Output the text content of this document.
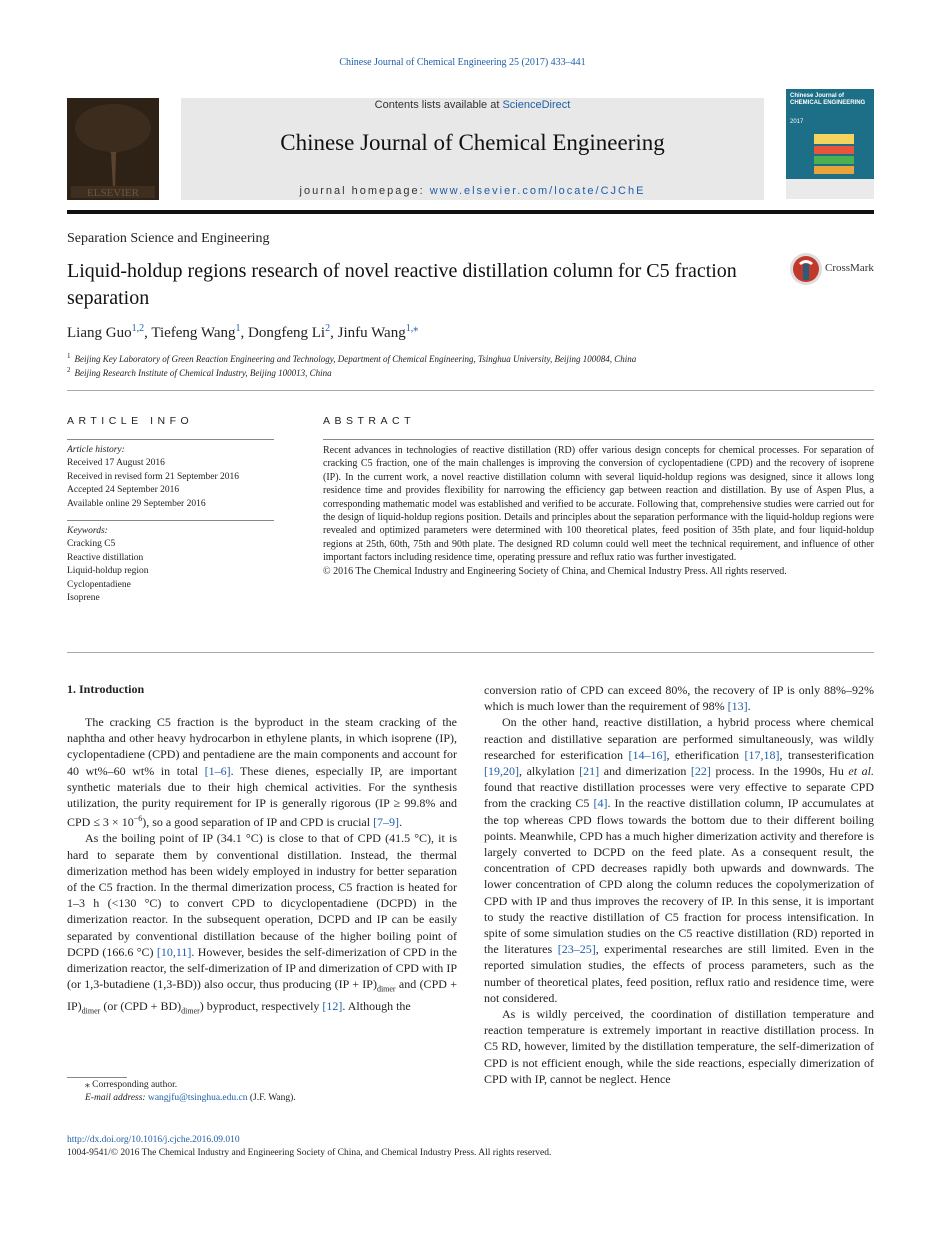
Chinese Journal of Chemical Engineering 25 (2017) 433–441
ELSEVIER
Contents lists available at ScienceDirect
Chinese Journal of Chemical Engineering
journal homepage: www.elsevier.com/locate/CJChE
Chinese Journal of CHEMICAL ENGINEERING
2017
Separation Science and Engineering
Liquid-holdup regions research of novel reactive distillation column for C5 fraction separation
CrossMark
Liang Guo$^{1,2}$, Tiefeng Wang$^1$, Dongfeng Li$^2$, Jinfu Wang$^{1,⁎}$
$^1$ Beijing Key Laboratory of Green Reaction Engineering and Technology, Department of Chemical Engineering, Tsinghua University, Beijing 100084, China
$^2$ Beijing Research Institute of Chemical Industry, Beijing 100013, China
ARTICLE INFO	ABSTRACT
Article history:
Received 17 August 2016
Received in revised form 21 September 2016
Accepted 24 September 2016
Available online 29 September 2016
Keywords:
Cracking C5
Reactive distillation
Liquid-holdup region
Cyclopentadiene
Isoprene

Recent advances in technologies of reactive distillation (RD) offer various design concepts for chemical processes. For separation of cracking C5 fraction, one of the main challenges is improving the conversion of cyclopentadiene (CPD) and the recovery of isoprene (IP). In the current work, a novel reactive distillation column with several liquid-holdup regions was designed, since it allows long residence time and provides flexibility for narrowing the efficiency gap between reaction and distillation. By use of Aspen Plus, a corresponding mathematic model was established and verified to be accurate. Following that, comprehensive studies were carried out for the design of liquid-holdup regions position. Details and principles about the separation performance with the liquid-holdup regions were revealed and optimized parameters were determined with 100 theoretical plates, feed position of 35th plate, and four liquid-holdup regions at 25th, 60th, 75th and 90th plate. The designed RD column could well meet the technical requirement, and influence of other important factors including residence time, operating pressure and reflux ratio was further investigated.

© 2016 The Chemical Industry and Engineering Society of China, and Chemical Industry Press. All rights reserved.

1. Introduction

The cracking C5 fraction is the byproduct in the steam cracking of the naphtha and other heavy hydrocarbon in ethylene plants, in which isoprene (IP), cyclopentadiene (CPD) and pentadiene are the main components and account for 40 wt%–60 wt% in total [1–6]. These dienes, especially IP, are important synthetic materials due to their high chemical activities. For the synthesis utilization, the purity requirement for IP is generally rigorous (IP ≥ 99.8% and CPD ≤ $3 \times 10^{-6}$), so a good separation of IP and CPD is crucial [7–9].

As the boiling point of IP (34.1 °C) is close to that of CPD (41.5 °C), it is hard to separate them by conventional distillation. Instead, the thermal dimerization method has been widely employed in industry for better separation of the C5 fraction. In the thermal dimerization process, C5 fraction is heated for 1–3 h (<130 °C) to convert CPD to dicyclopentadiene (DCPD) in the dimerization reactor. In the subsequent operation, DCPD and IP can be easily separated by conventional distillation because of the higher boiling point of DCPD (166.6 °C) [10,11]. However, besides the self-dimerization of CPD in the dimerization reactor, the self-dimerization of IP and dimerization of CPD with IP (or 1,3-butadiene (1,3-BD)) also occur, thus producing $(IP + IP)_{dimer}$ and $(CPD + IP)_{dimer}$ (or $(CPD + BD)_{dimer}$) byproduct, respectively [12]. Although the

conversion ratio of CPD can exceed 80%, the recovery of IP is only 88%–92% which is much lower than the requirement of 98% [13].

On the other hand, reactive distillation, a hybrid process where chemical reaction and distillative separation are performed simultaneously, was wildly researched for esterification [14–16], etherification [17,18], transesterification [19,20], alkylation [21] and dimerization [22] process. In the 1990s, Hu et al. found that reactive distillation processes were very effective to separate CPD from the cracking C5 [4]. In the reactive distillation column, IP accumulates at the top whereas CPD flows towards the bottom due to their different boiling points. Meanwhile, CPD has a much higher dimerization activity and therefore is largely converted to DCPD on the feed plate. As a consequent result, the concentration of CPD decreases rapidly both upwards and downwards. The lower concentration of CPD along the column reduces the copolymerization of CPD with IP and thus improves the recovery of IP. In this sense, it is important to study the reactive distillation of C5 fraction for process intensification. In spite of some simulation studies on the C5 reactive distillation (RD) reported in the literatures [23–25], experimental researches are still limited. Even in the reported simulation studies, the effects of process parameters, such as the number of theoretical plates, feed position, reflux ratio and residence time, were not considered.

As is wildly perceived, the coordination of distillation temperature and reaction temperature is extremely important in reactive distillation process. In C5 RD, however, limited by the distillation temperature, the self-dimerization of CPD is not efficient enough, while the side reactions, especially dimerization of CPD with IP, cannot be neglect. Hence

⁎ Corresponding author.
E-mail address: wangjfu@tsinghua.edu.cn (J.F. Wang).
http://dx.doi.org/10.1016/j.cjche.2016.09.010
1004-9541/© 2016 The Chemical Industry and Engineering Society of China, and Chemical Industry Press. All rights reserved.
